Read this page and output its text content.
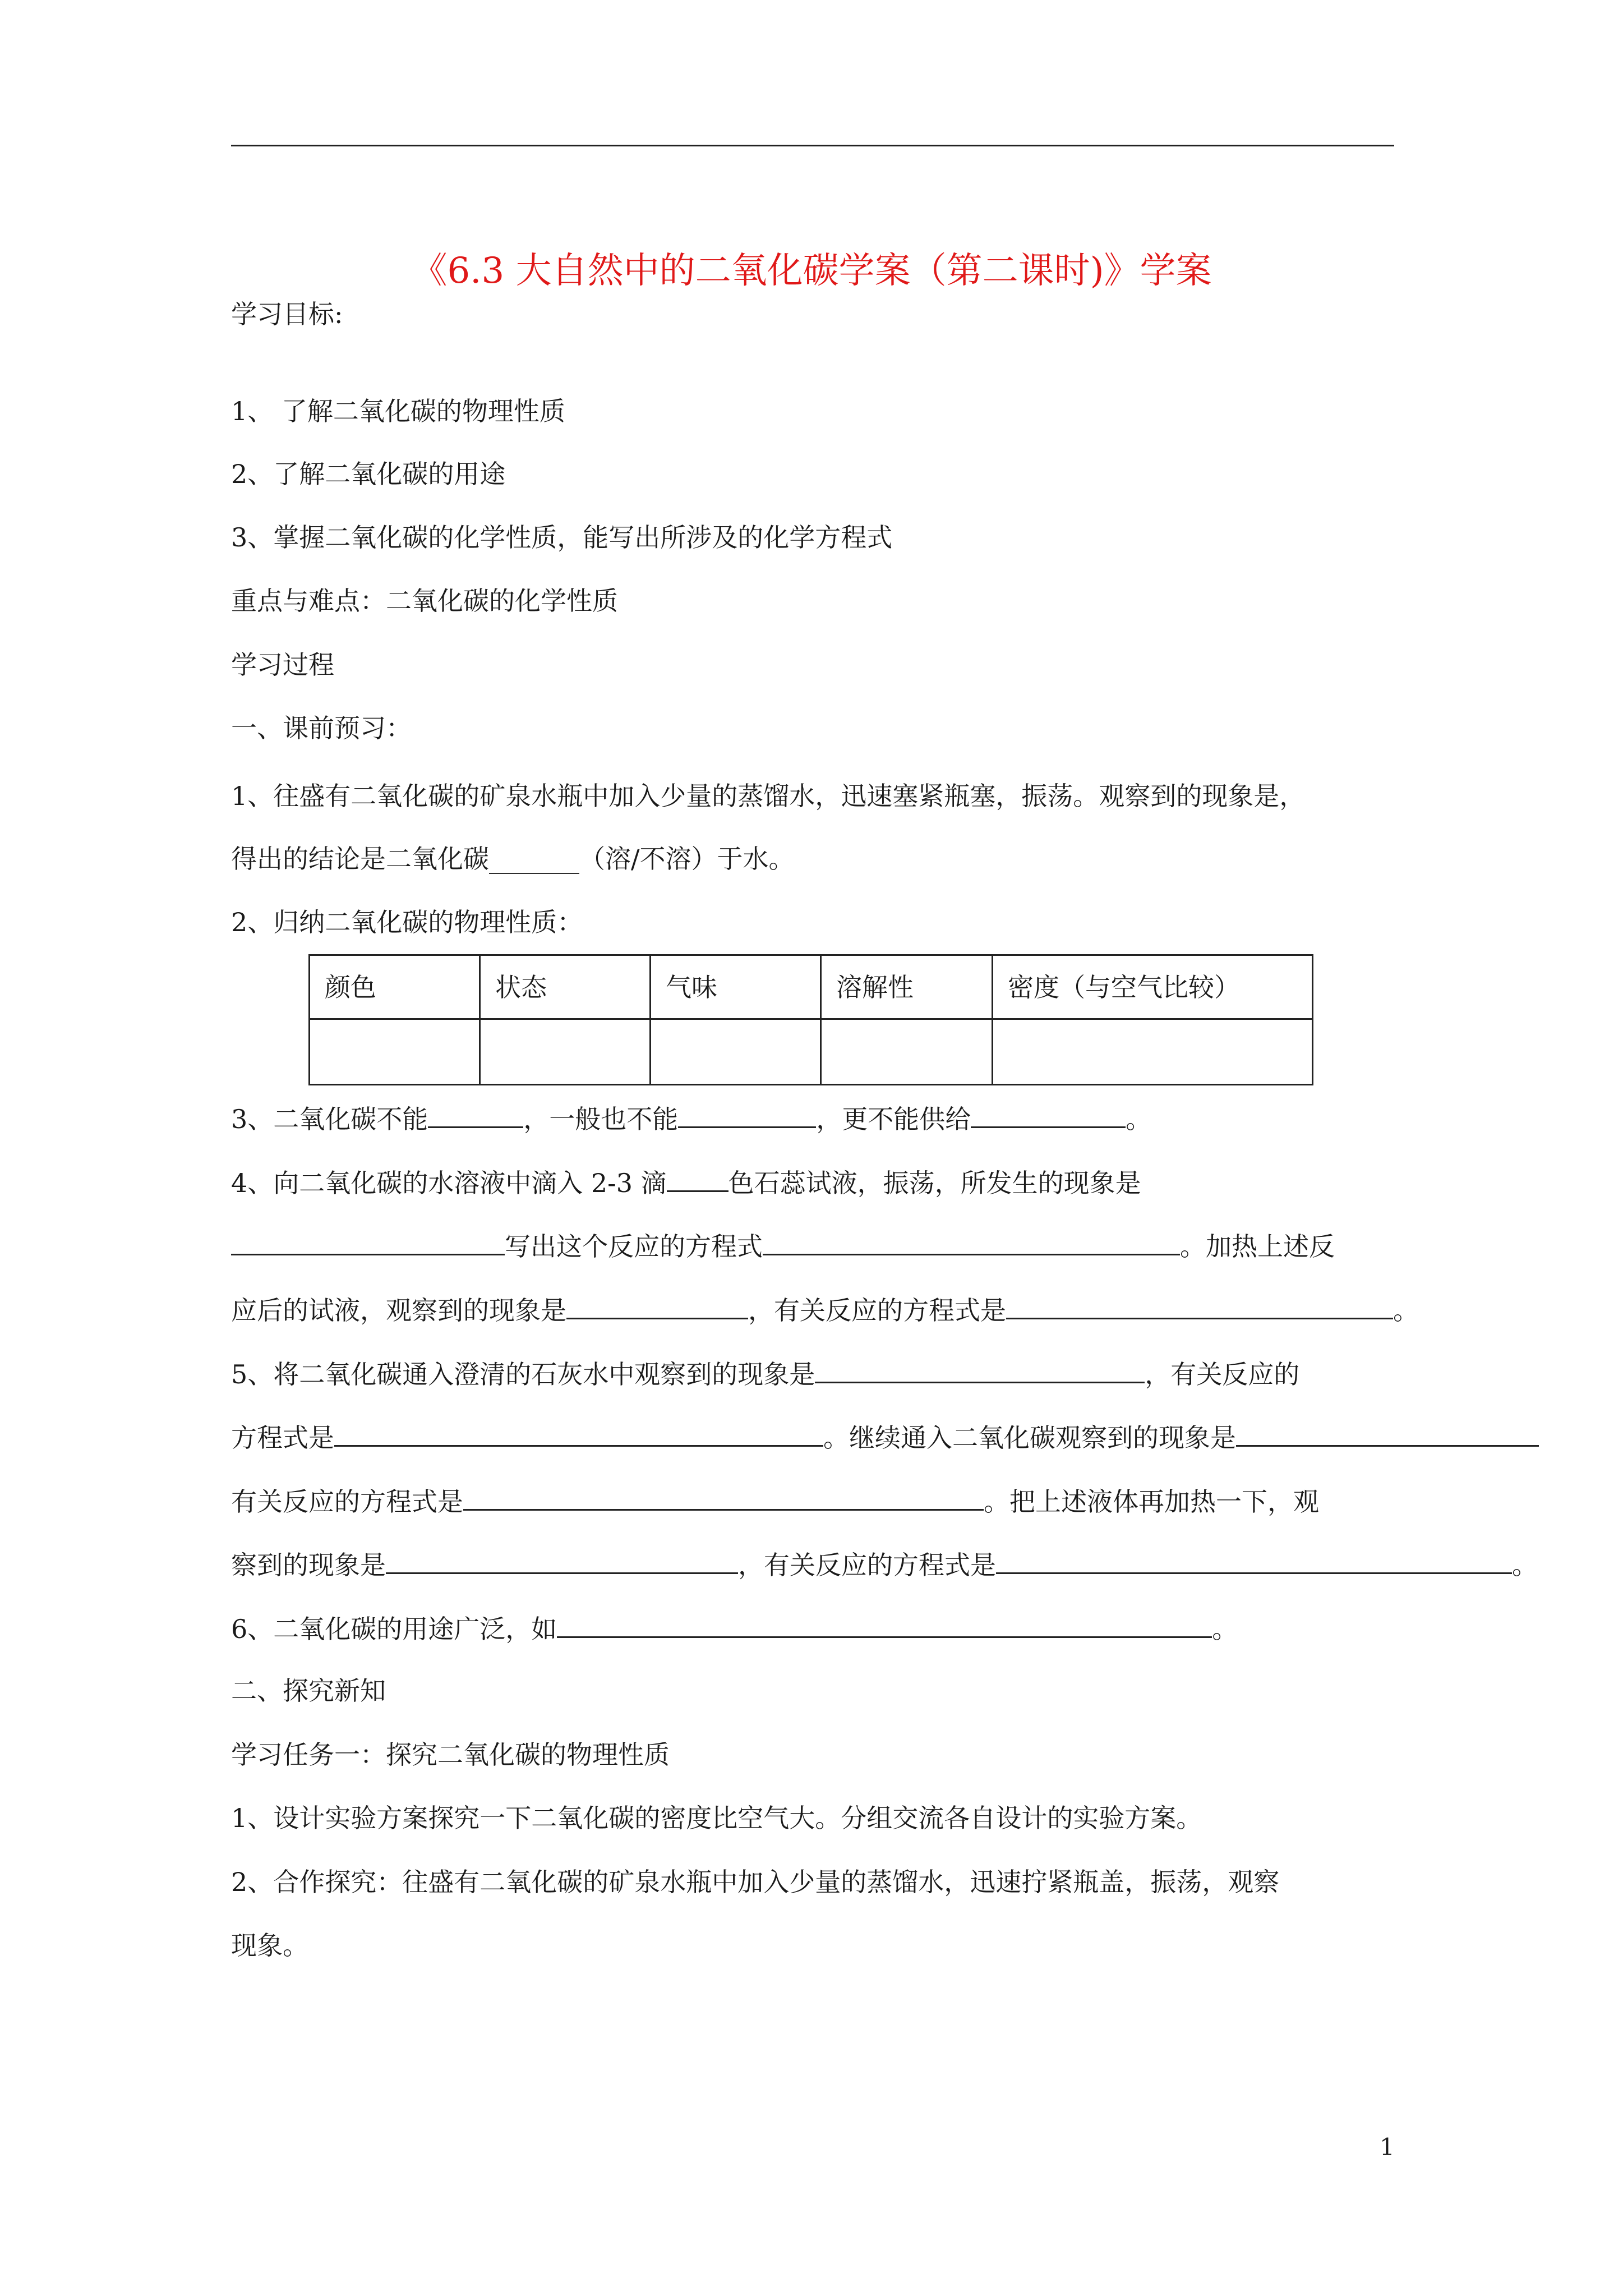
《6.3 大自然中的二氧化碳学案（第二课时)》学案
学习目标:
1、 了解二氧化碳的物理性质
2、了解二氧化碳的用途
3、掌握二氧化碳的化学性质，能写出所涉及的化学方程式
重点与难点：二氧化碳的化学性质
学习过程
一、课前预习：
1、往盛有二氧化碳的矿泉水瓶中加入少量的蒸馏水，迅速塞紧瓶塞，振荡。观察到的现象是，
得出的结论是二氧化碳_______（溶/不溶）于水。
2、归纳二氧化碳的物理性质：
颜色	状态	气味	溶解性	密度（与空气比较）
3、二氧化碳不能	，一般也不能	，更不能供给	。
4、向二氧化碳的水溶液中滴入 2-3 滴 色石蕊试液，振荡，所发生的现象是
写出这个反应的方程式	。加热上述反
应后的试液，观察到的现象是	，有关反应的方程式是	。
5、将二氧化碳通入澄清的石灰水中观察到的现象是	，有关反应的
方程式是	。继续通入二氧化碳观察到的现象是
有关反应的方程式是	。把上述液体再加热一下，观
察到的现象是	，有关反应的方程式是	。
6、二氧化碳的用途广泛，如	。
二、探究新知
学习任务一：探究二氧化碳的物理性质
1、设计实验方案探究一下二氧化碳的密度比空气大。分组交流各自设计的实验方案。
2、合作探究：往盛有二氧化碳的矿泉水瓶中加入少量的蒸馏水，迅速拧紧瓶盖，振荡，观察
现象。
1
